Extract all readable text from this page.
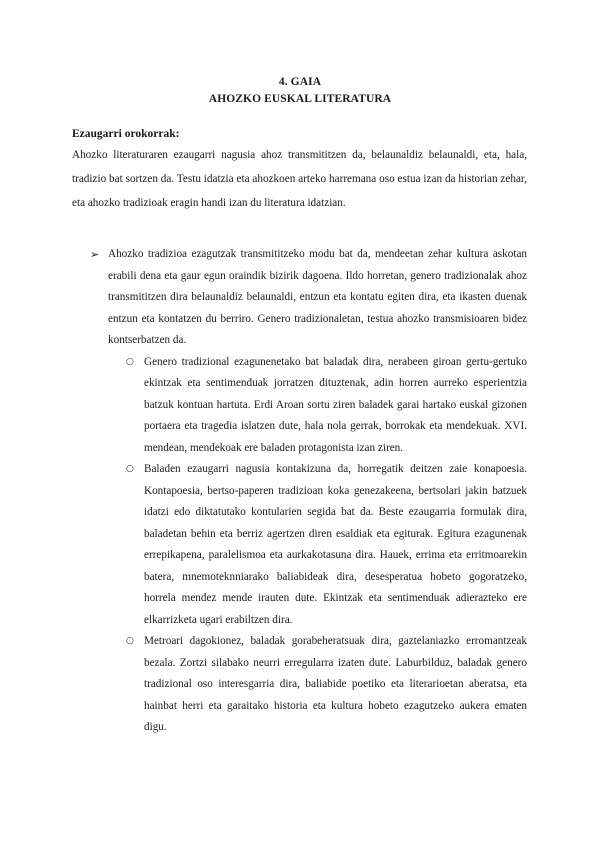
4. GAIA
AHOZKO EUSKAL LITERATURA
Ezaugarri orokorrak:

Ahozko literaturaren ezaugarri nagusia ahoz transmititzen da, belaunaldiz belaunaldi, eta, hala, tradizio bat sortzen da. Testu idatzia eta ahozkoen arteko harremana oso estua izan da historian zehar, eta ahozko tradizioak eragin handi izan du literatura idatzian.

➢ Ahozko tradizioa ezagutzak transmititzeko modu bat da, mendeetan zehar kultura askotan erabili dena eta gaur egun oraindik bizirik dagoena. Ildo horretan, genero tradizionalak ahoz transmititzen dira belaunaldiz belaunaldi, entzun eta kontatu egiten dira, eta ikasten duenak entzun eta kontatzen du berriro. Genero tradizionaletan, testua ahozko transmisioaren bidez kontserbatzen da.

○ Genero tradizional ezagunenetako bat baladak dira, nerabeen giroan gertu-gertuko ekintzak eta sentimenduak jorratzen dituztenak, adin horren aurreko esperientzia batzuk kontuan hartuta. Erdi Aroan sortu ziren baladek garai hartako euskal gizonen portaera eta tragedia islatzen dute, hala nola gerrak, borrokak eta mendekuak. XVI. mendean, mendekoak ere baladen protagonista izan ziren.
○ Baladen ezaugarri nagusia kontakizuna da, horregatik deitzen zaie konapoesia. Kontapoesia, bertso-paperen tradizioan koka genezakeena, bertsolari jakin batzuek idatzi edo diktatutako kontularien segida bat da. Beste ezaugarria formulak dira, baladetan behin eta berriz agertzen diren esaldiak eta egiturak. Egitura ezagunenak errepikapena, paralelismoa eta aurkakotasuna dira. Hauek, errima eta erritmoarekin batera, mnemoteknniarako baliabideak dira, desesperatua hobeto gogoratzeko, horrela mendez mende irauten dute. Ekintzak eta sentimenduak adierazteko ere elkarrizketa ugari erabiltzen dira.
○ Metroari dagokionez, baladak gorabeheratsuak dira, gaztelaniazko erromantzeak bezala. Zortzi silabako neurri erregularra izaten dute. Laburbilduz, baladak genero tradizional oso interesgarria dira, baliabide poetiko eta literarioetan aberatsa, eta hainbat herri eta garaitako historia eta kultura hobeto ezagutzeko aukera ematen digu.
